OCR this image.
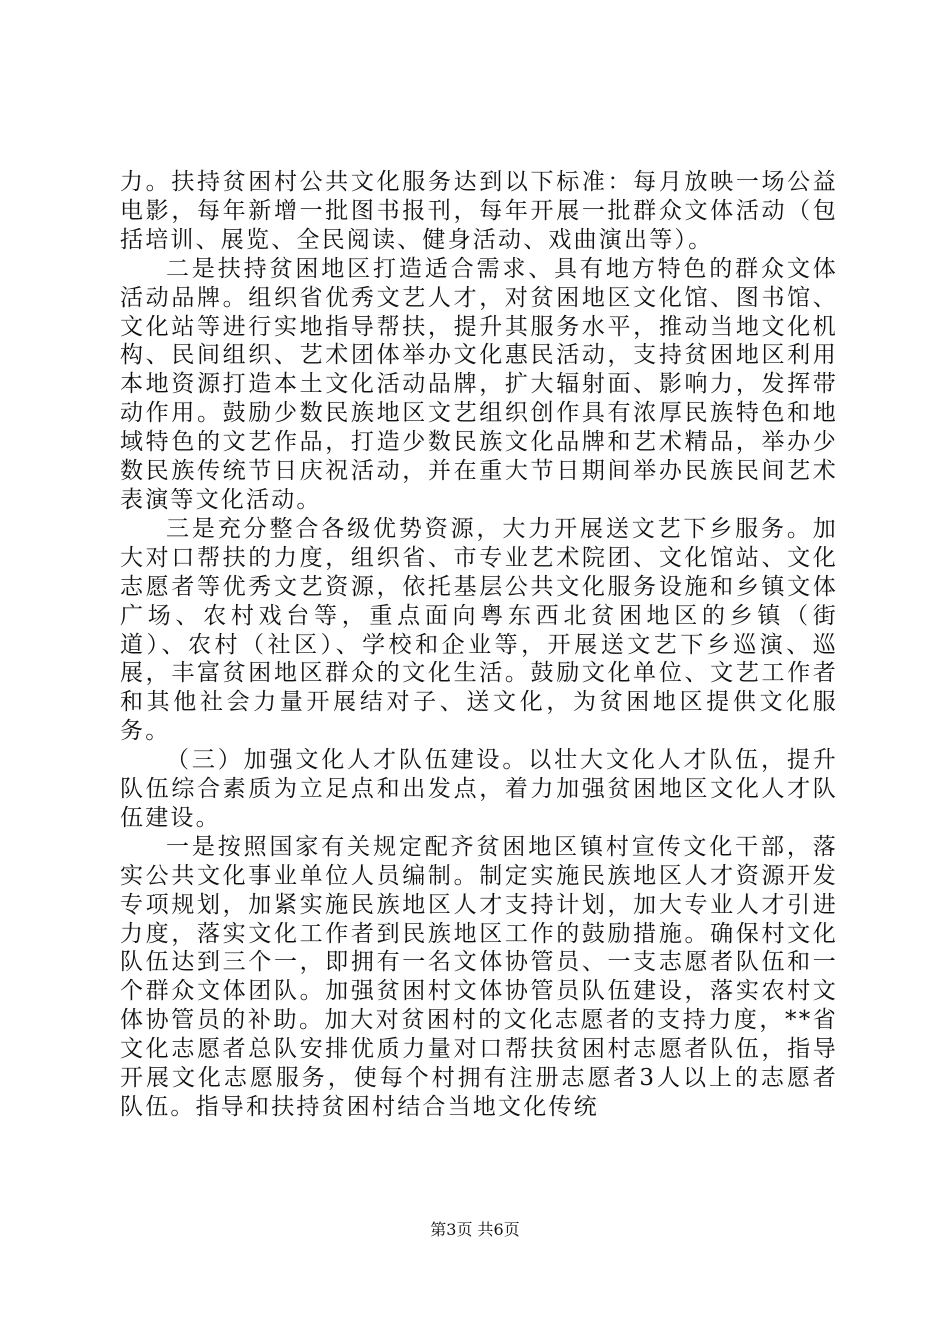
力。扶持贫困村公共文化服务达到以下标准：每月放映一场公益电影，每年新增一批图书报刊，每年开展一批群众文体活动（包括培训、展览、全民阅读、健身活动、戏曲演出等）。

二是扶持贫困地区打造适合需求、具有地方特色的群众文体活动品牌。组织省优秀文艺人才，对贫困地区文化馆、图书馆、文化站等进行实地指导帮扶，提升其服务水平，推动当地文化机构、民间组织、艺术团体举办文化惠民活动，支持贫困地区利用本地资源打造本土文化活动品牌，扩大辐射面、影响力，发挥带动作用。鼓励少数民族地区文艺组织创作具有浓厚民族特色和地域特色的文艺作品，打造少数民族文化品牌和艺术精品，举办少数民族传统节日庆祝活动，并在重大节日期间举办民族民间艺术表演等文化活动。

三是充分整合各级优势资源，大力开展送文艺下乡服务。加大对口帮扶的力度，组织省、市专业艺术院团、文化馆站、文化志愿者等优秀文艺资源，依托基层公共文化服务设施和乡镇文体广场、农村戏台等，重点面向粤东西北贫困地区的乡镇（街道）、农村（社区）、学校和企业等，开展送文艺下乡巡演、巡展，丰富贫困地区群众的文化生活。鼓励文化单位、文艺工作者和其他社会力量开展结对子、送文化，为贫困地区提供文化服务。

（三）加强文化人才队伍建设。以壮大文化人才队伍，提升队伍综合素质为立足点和出发点，着力加强贫困地区文化人才队伍建设。

一是按照国家有关规定配齐贫困地区镇村宣传文化干部，落实公共文化事业单位人员编制。制定实施民族地区人才资源开发专项规划，加紧实施民族地区人才支持计划，加大专业人才引进力度，落实文化工作者到民族地区工作的鼓励措施。确保村文化队伍达到三个一，即拥有一名文体协管员、一支志愿者队伍和一个群众文体团队。加强贫困村文体协管员队伍建设，落实农村文体协管员的补助。加大对贫困村的文化志愿者的支持力度，**省文化志愿者总队安排优质力量对口帮扶贫困村志愿者队伍，指导开展文化志愿服务，使每个村拥有注册志愿者3人以上的志愿者队伍。指导和扶持贫困村结合当地文化传统

第3页 共6页
